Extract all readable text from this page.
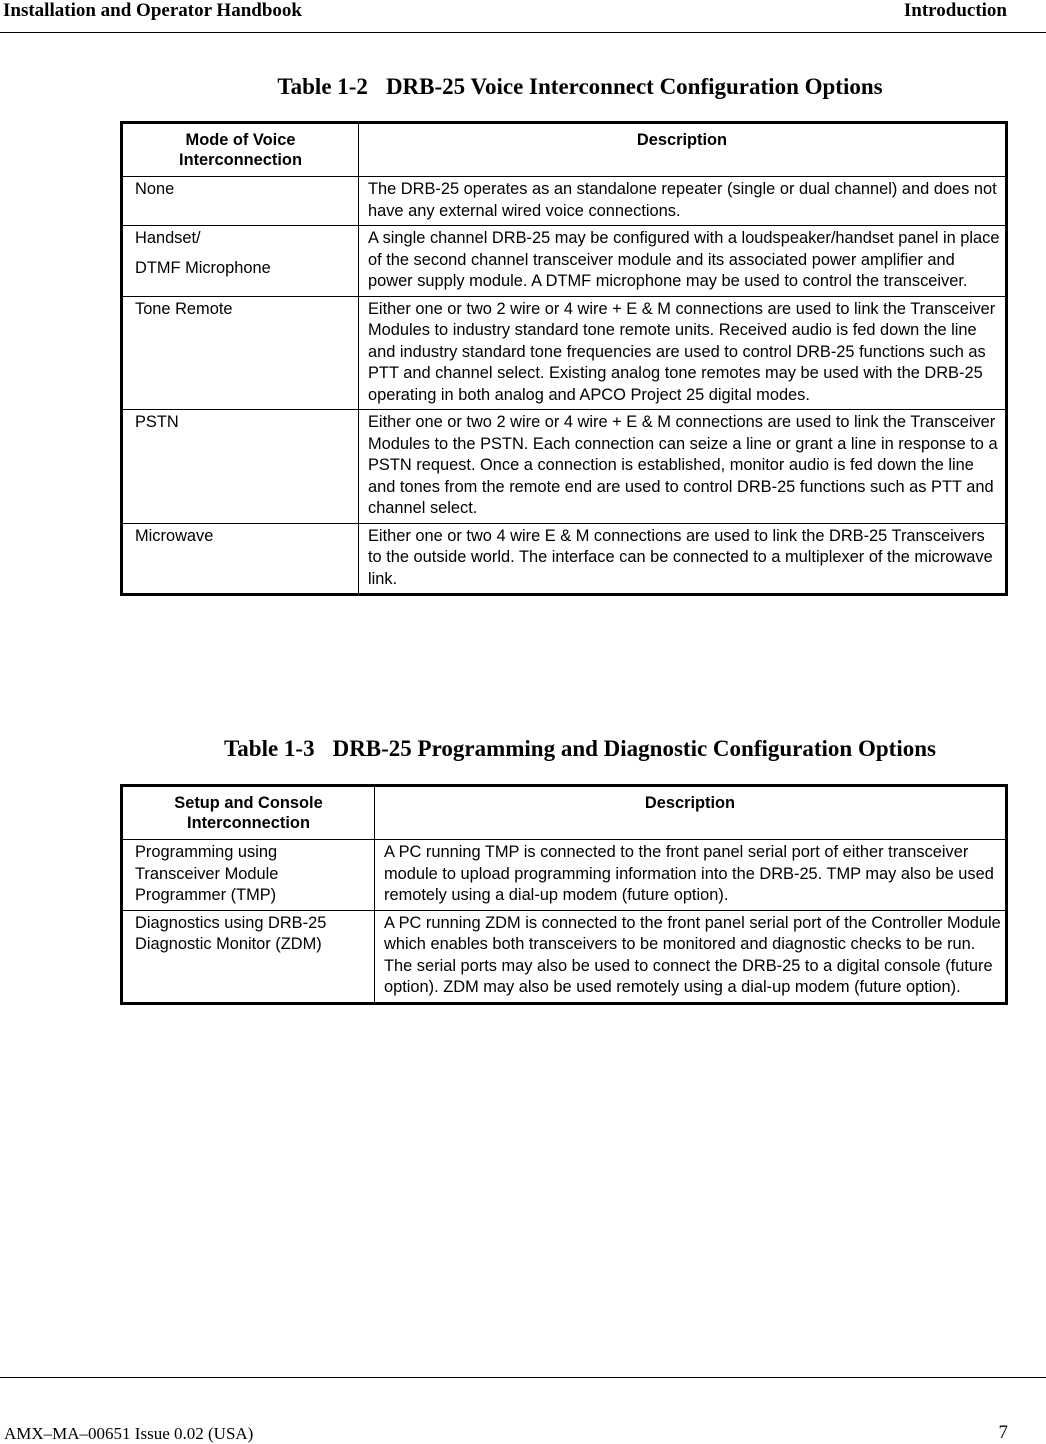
Installation and Operator Handbook	Introduction
Table 1-2 DRB-25 Voice Interconnect Configuration Options
Mode of Voice Interconnection	Description
None	The DRB-25 operates as an standalone repeater (single or dual channel) and does not have any external wired voice connections.

Handset/
DTMF Microphone	A single channel DRB-25 may be configured with a loudspeaker/handset panel in place of the second channel transceiver module and its associated power amplifier and power supply module. A DTMF microphone may be used to control the transceiver.
Tone Remote	Either one or two 2 wire or 4 wire + E & M connections are used to link the Transceiver Modules to industry standard tone remote units. Received audio is fed down the line and industry standard tone frequencies are used to control DRB-25 functions such as PTT and channel select. Existing analog tone remotes may be used with the DRB-25 operating in both analog and APCO Project 25 digital modes.
PSTN	Either one or two 2 wire or 4 wire + E & M connections are used to link the Transceiver Modules to the PSTN. Each connection can seize a line or grant a line in response to a PSTN request. Once a connection is established, monitor audio is fed down the line and tones from the remote end are used to control DRB-25 functions such as PTT and channel select.
Microwave	Either one or two 4 wire E & M connections are used to link the DRB-25 Transceivers to the outside world. The interface can be connected to a multiplexer of the microwave link.
Table 1-3 DRB-25 Programming and Diagnostic Configuration Options
Setup and Console Interconnection	Description
Programming using Transceiver Module Programmer (TMP)	A PC running TMP is connected to the front panel serial port of either transceiver module to upload programming information into the DRB-25. TMP may also be used remotely using a dial-up modem (future option).
Diagnostics using DRB-25 Diagnostic Monitor (ZDM)	A PC running ZDM is connected to the front panel serial port of the Controller Module which enables both transceivers to be monitored and diagnostic checks to be run. The serial ports may also be used to connect the DRB-25 to a digital console (future option). ZDM may also be used remotely using a dial-up modem (future option).
AMX–MA–00651 Issue 0.02 (USA)	7
